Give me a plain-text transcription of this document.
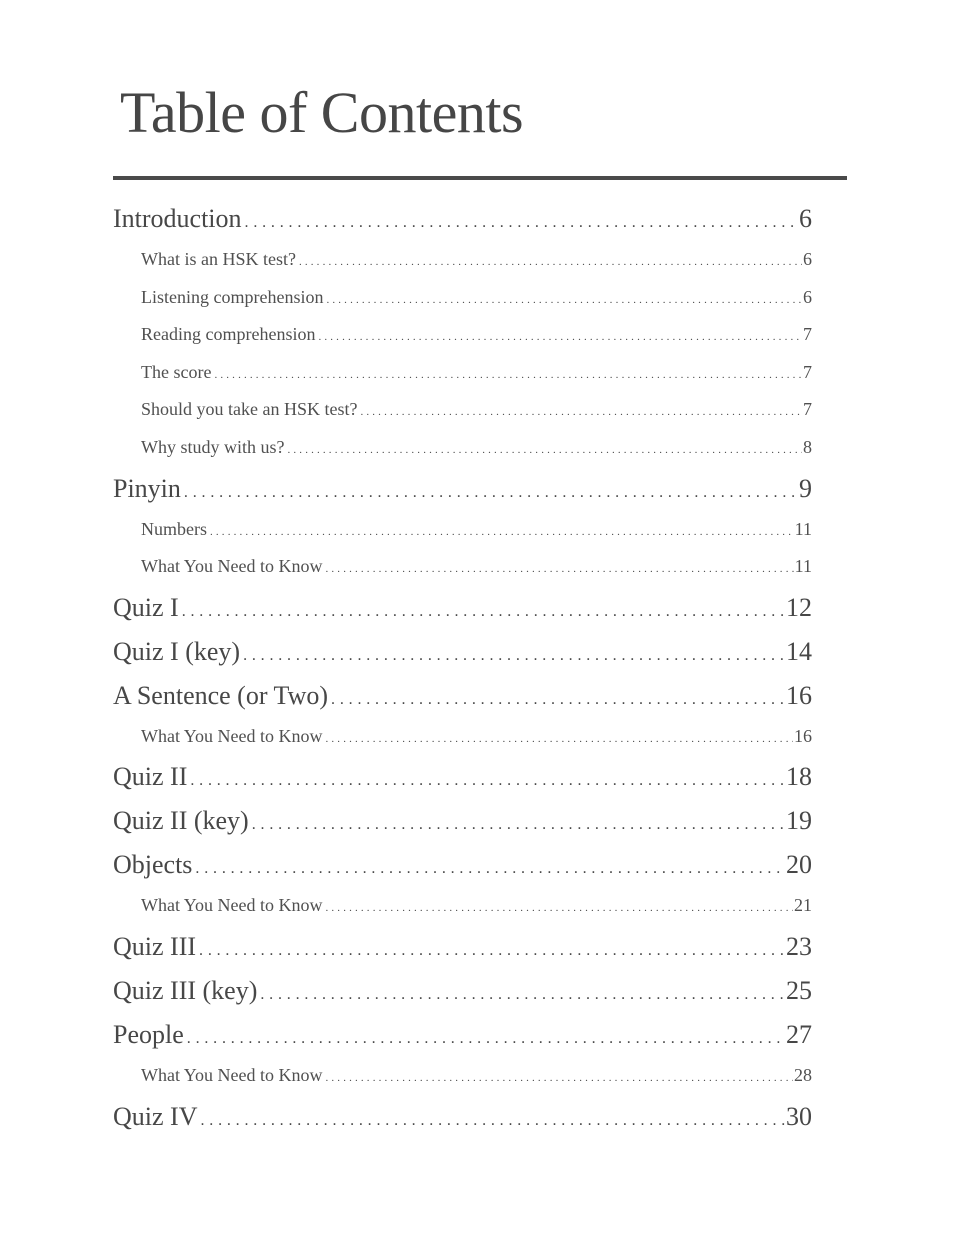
Table of Contents
Introduction . . .	6
What is an HSK test? . . .	6
Listening comprehension . . .	6
Reading comprehension . . .	7
The score . . .	7
Should you take an HSK test? . . .	7
Why study with us? . . .	8
Pinyin . . .	9
Numbers . . .	11
What You Need to Know . . .	11
Quiz I . . .	12
Quiz I (key) . . .	14
A Sentence (or Two) . . .	16
What You Need to Know . . .	16
Quiz II . . .	18
Quiz II (key) . . .	19
Objects . . .	20
What You Need to Know . . .	21
Quiz III . . .	23
Quiz III (key) . . .	25
People . . .	27
What You Need to Know . . .	28
Quiz IV . . .	30
